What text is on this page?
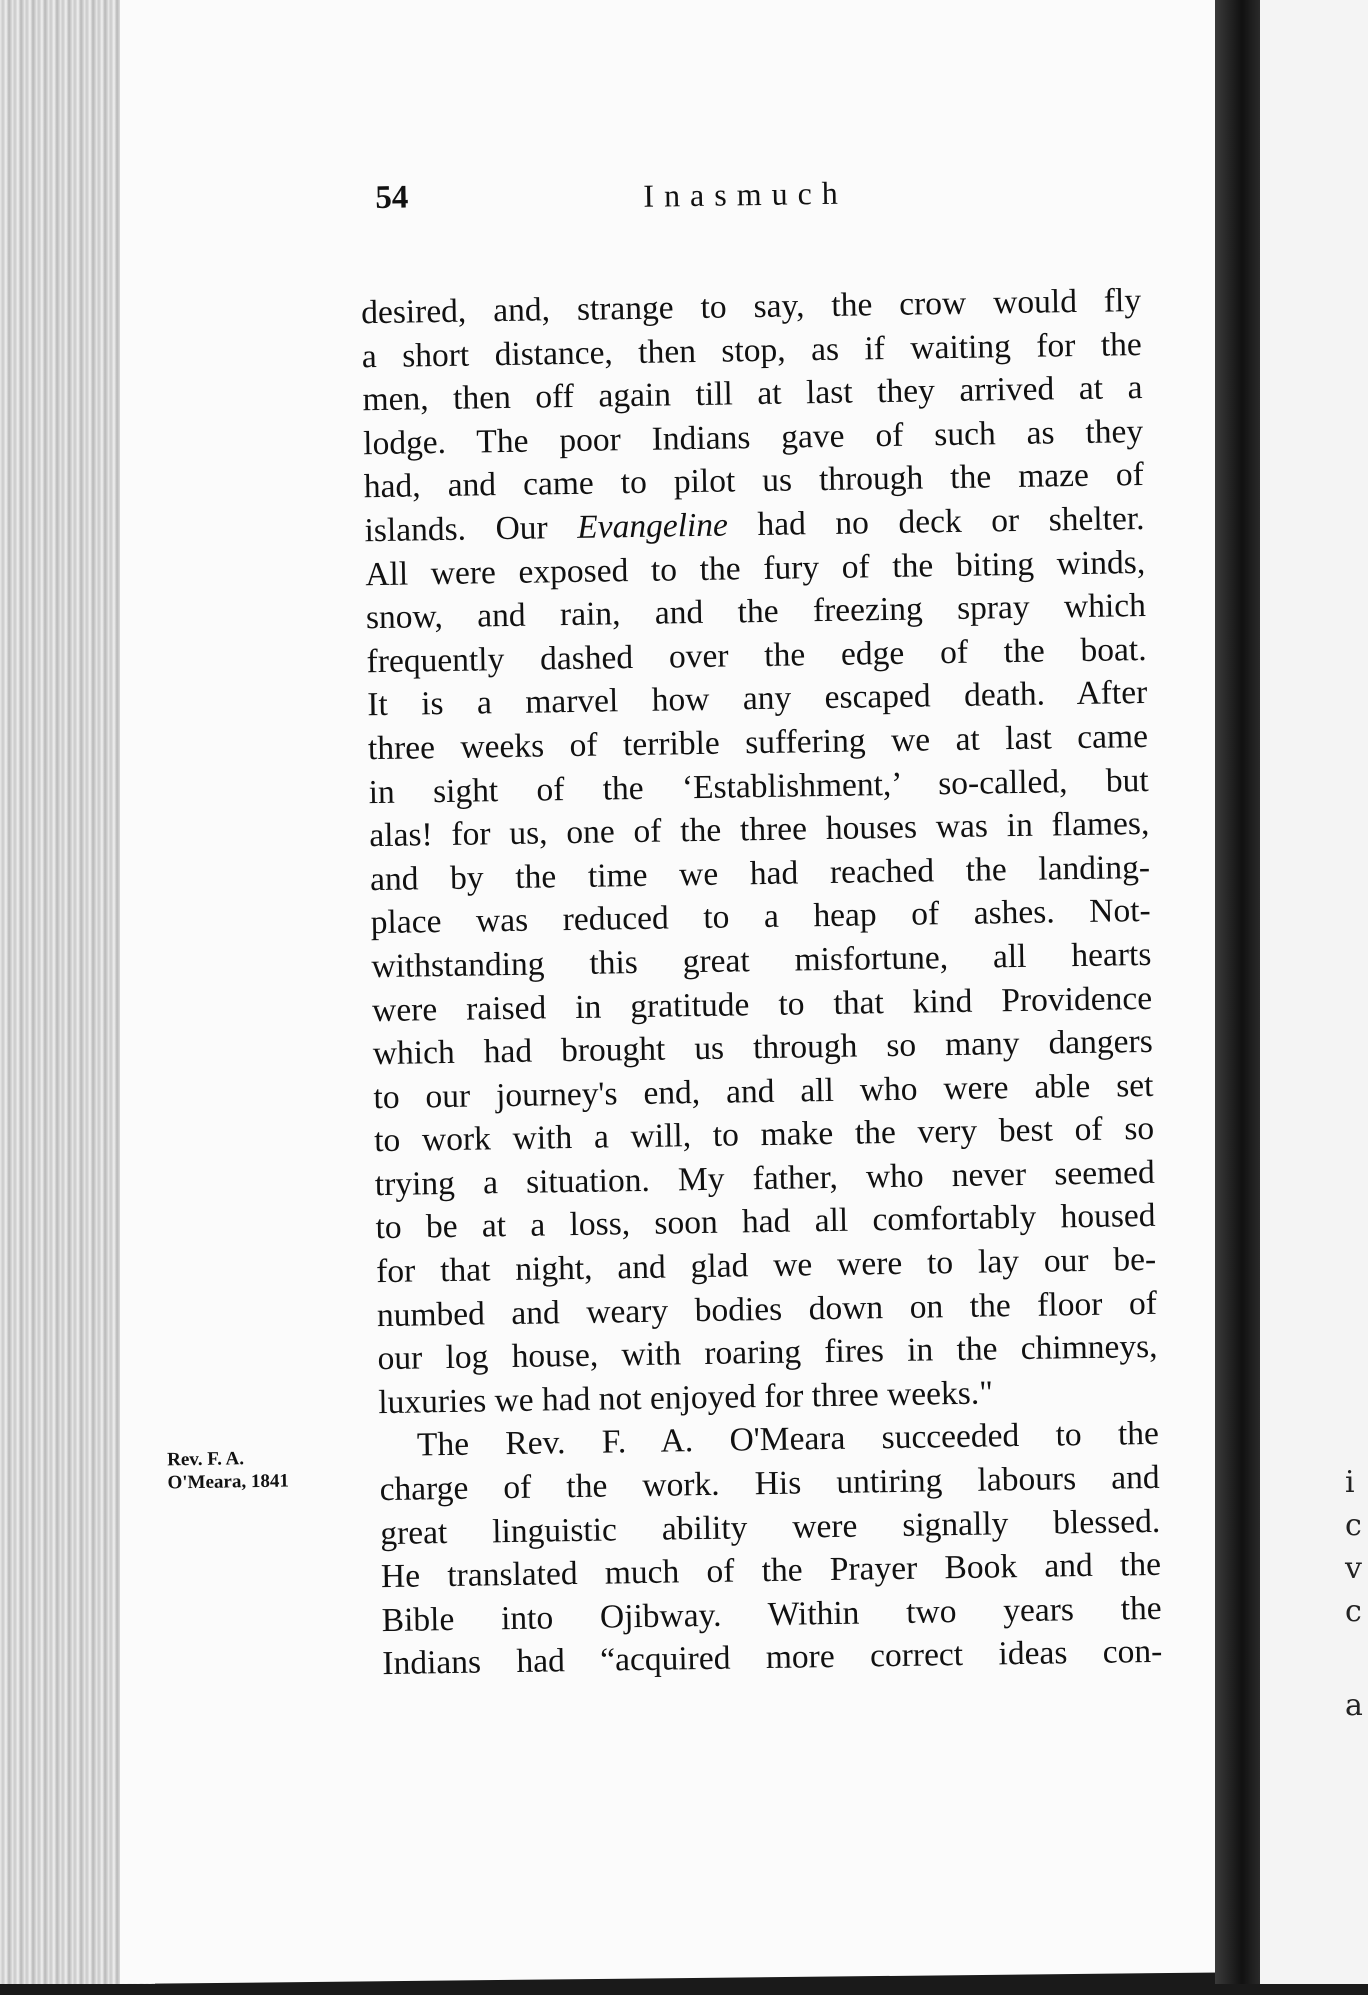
i
c
v
c
a
54	Inasmuch
Rev. F. A.
O'Meara, 1841
desired, and, strange to say, the crow would fly
a short distance, then stop, as if waiting for the
men, then off again till at last they arrived at a
lodge. The poor Indians gave of such as they
had, and came to pilot us through the maze of
islands. Our Evangeline had no deck or shelter.
All were exposed to the fury of the biting winds,
snow, and rain, and the freezing spray which
frequently dashed over the edge of the boat.
It is a marvel how any escaped death. After
three weeks of terrible suffering we at last came
in sight of the ‘Establishment,’ so-called, but
alas! for us, one of the three houses was in flames,
and by the time we had reached the landing-
place was reduced to a heap of ashes. Not-
withstanding this great misfortune, all hearts
were raised in gratitude to that kind Providence
which had brought us through so many dangers
to our journey's end, and all who were able set
to work with a will, to make the very best of so
trying a situation. My father, who never seemed
to be at a loss, soon had all comfortably housed
for that night, and glad we were to lay our be-
numbed and weary bodies down on the floor of
our log house, with roaring fires in the chimneys,
luxuries we had not enjoyed for three weeks."
The Rev. F. A. O'Meara succeeded to the
charge of the work. His untiring labours and
great linguistic ability were signally blessed.
He translated much of the Prayer Book and the
Bible into Ojibway. Within two years the
Indians had “acquired more correct ideas con-
